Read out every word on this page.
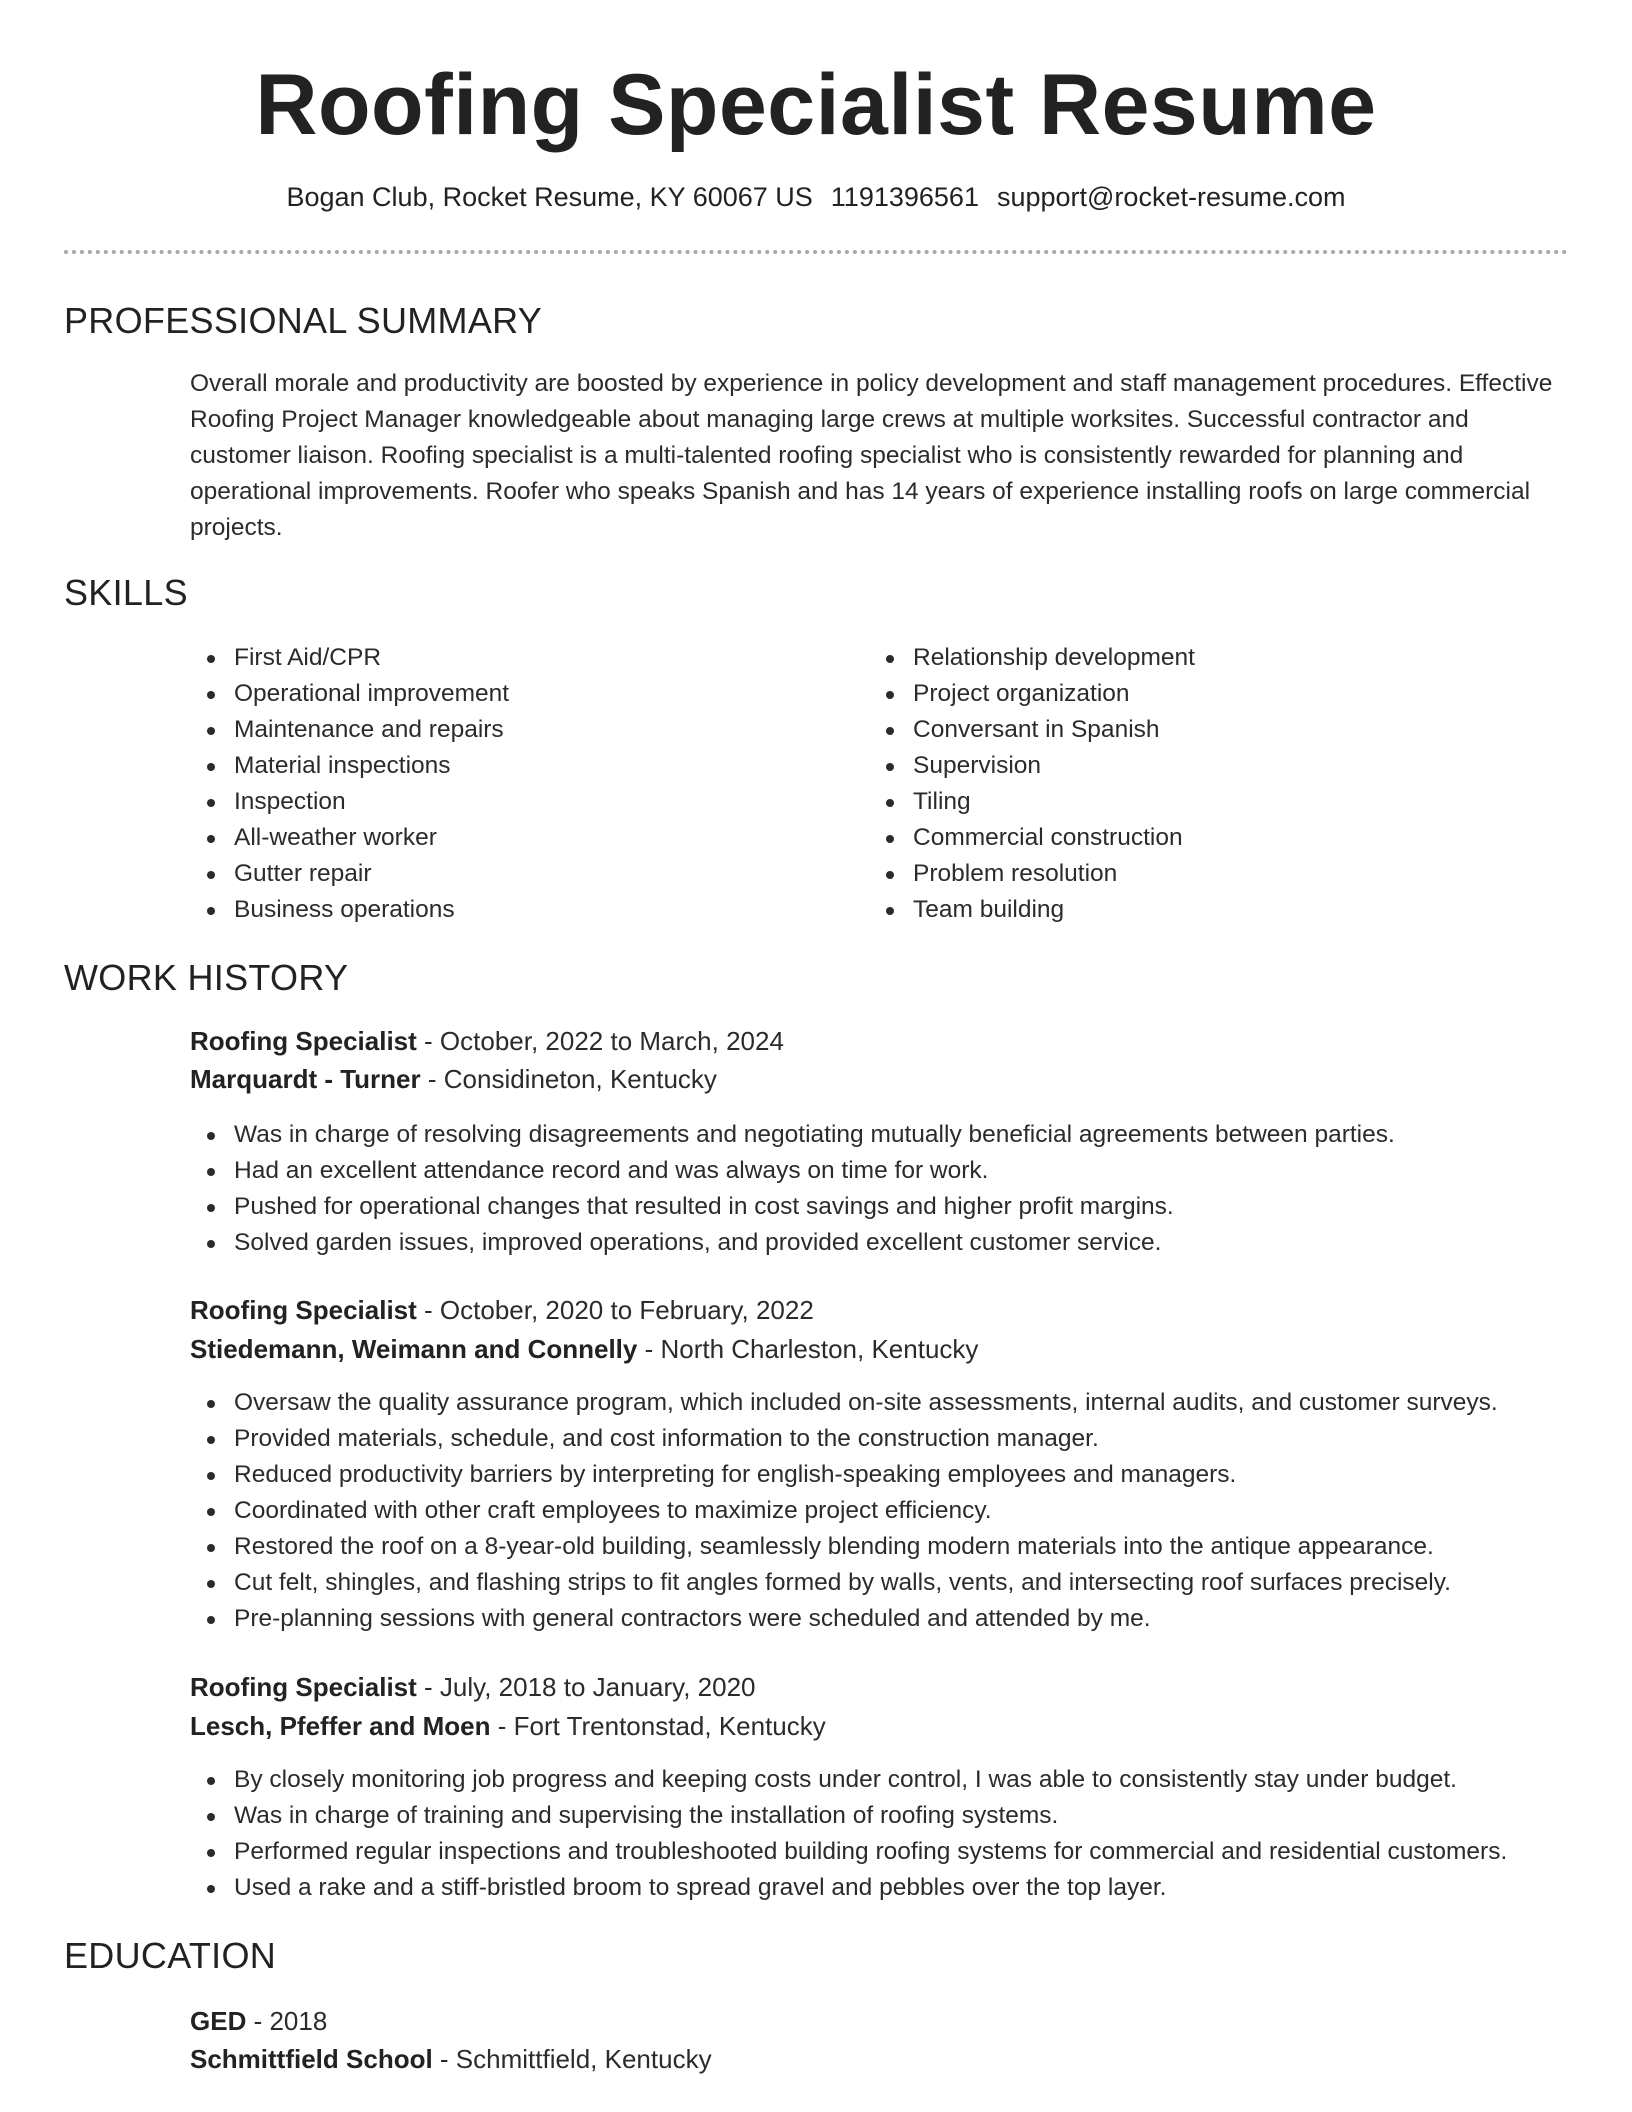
Roofing Specialist Resume
Bogan Club, Rocket Resume, KY 60067 US 1191396561 support@rocket-resume.com
PROFESSIONAL SUMMARY

Overall morale and productivity are boosted by experience in policy development and staff management procedures. Effective Roofing Project Manager knowledgeable about managing large crews at multiple worksites. Successful contractor and customer liaison. Roofing specialist is a multi-talented roofing specialist who is consistently rewarded for planning and operational improvements. Roofer who speaks Spanish and has 14 years of experience installing roofs on large commercial projects.

SKILLS
First Aid/CPR
Operational improvement
Maintenance and repairs
Material inspections
Inspection
All-weather worker
Gutter repair
Business operations
Relationship development
Project organization
Conversant in Spanish
Supervision
Tiling
Commercial construction
Problem resolution
Team building
WORK HISTORY
Roofing Specialist - October, 2022 to March, 2024
Marquardt - Turner - Considineton, Kentucky
Was in charge of resolving disagreements and negotiating mutually beneficial agreements between parties.
Had an excellent attendance record and was always on time for work.
Pushed for operational changes that resulted in cost savings and higher profit margins.
Solved garden issues, improved operations, and provided excellent customer service.
Roofing Specialist - October, 2020 to February, 2022
Stiedemann, Weimann and Connelly - North Charleston, Kentucky
Oversaw the quality assurance program, which included on-site assessments, internal audits, and customer surveys.
Provided materials, schedule, and cost information to the construction manager.
Reduced productivity barriers by interpreting for english-speaking employees and managers.
Coordinated with other craft employees to maximize project efficiency.
Restored the roof on a 8-year-old building, seamlessly blending modern materials into the antique appearance.
Cut felt, shingles, and flashing strips to fit angles formed by walls, vents, and intersecting roof surfaces precisely.
Pre-planning sessions with general contractors were scheduled and attended by me.
Roofing Specialist - July, 2018 to January, 2020
Lesch, Pfeffer and Moen - Fort Trentonstad, Kentucky
By closely monitoring job progress and keeping costs under control, I was able to consistently stay under budget.
Was in charge of training and supervising the installation of roofing systems.
Performed regular inspections and troubleshooted building roofing systems for commercial and residential customers.
Used a rake and a stiff-bristled broom to spread gravel and pebbles over the top layer.
EDUCATION
GED - 2018
Schmittfield School - Schmittfield, Kentucky
